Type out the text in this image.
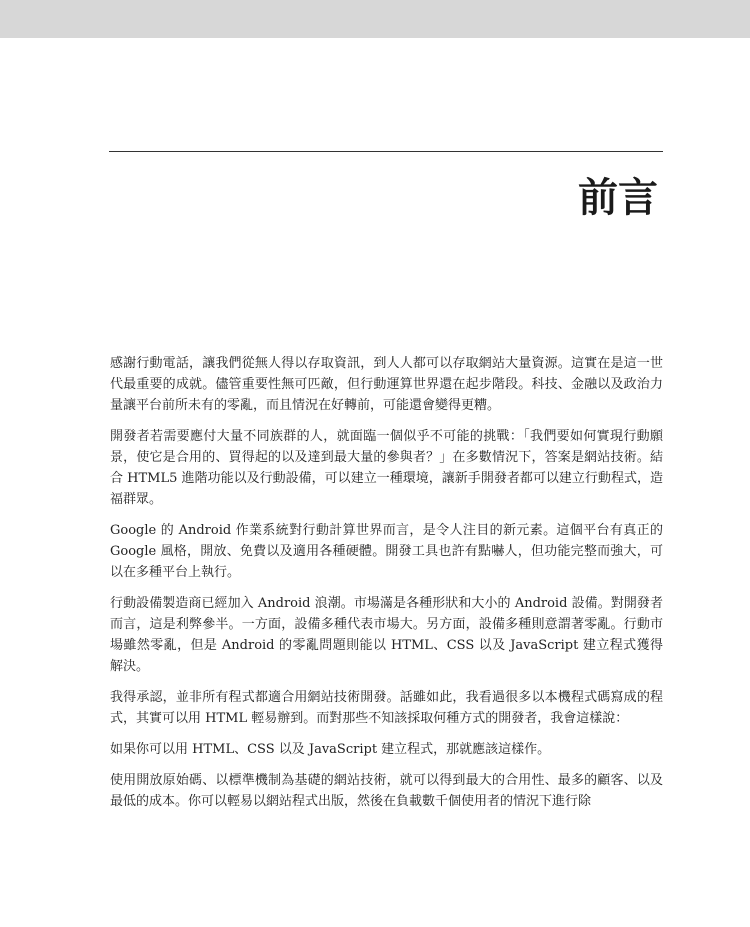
前言

感謝行動電話，讓我們從無人得以存取資訊，到人人都可以存取網站大量資源。這實在是這一世代最重要的成就。儘管重要性無可匹敵，但行動運算世界還在起步階段。科技、金融以及政治力量讓平台前所未有的零亂，而且情況在好轉前，可能還會變得更糟。

開發者若需要應付大量不同族群的人，就面臨一個似乎不可能的挑戰：「我們要如何實現行動願景，使它是合用的、買得起的以及達到最大量的參與者？」在多數情況下，答案是網站技術。結合 HTML5 進階功能以及行動設備，可以建立一種環境，讓新手開發者都可以建立行動程式，造福群眾。

Google 的 Android 作業系統對行動計算世界而言，是令人注目的新元素。這個平台有真正的 Google 風格，開放、免費以及適用各種硬體。開發工具也許有點嚇人，但功能完整而強大，可以在多種平台上執行。

行動設備製造商已經加入 Android 浪潮。市場滿是各種形狀和大小的 Android 設備。對開發者而言，這是利弊參半。一方面，設備多種代表市場大。另方面，設備多種則意謂著零亂。行動市場雖然零亂，但是 Android 的零亂問題則能以 HTML、CSS 以及 JavaScript 建立程式獲得解決。

我得承認，並非所有程式都適合用網站技術開發。話雖如此，我看過很多以本機程式碼寫成的程式，其實可以用 HTML 輕易辦到。而對那些不知該採取何種方式的開發者，我會這樣說：

如果你可以用 HTML、CSS 以及 JavaScript 建立程式，那就應該這樣作。

使用開放原始碼、以標準機制為基礎的網站技術，就可以得到最大的合用性、最多的顧客、以及最低的成本。你可以輕易以網站程式出版，然後在負載數千個使用者的情況下進行除
